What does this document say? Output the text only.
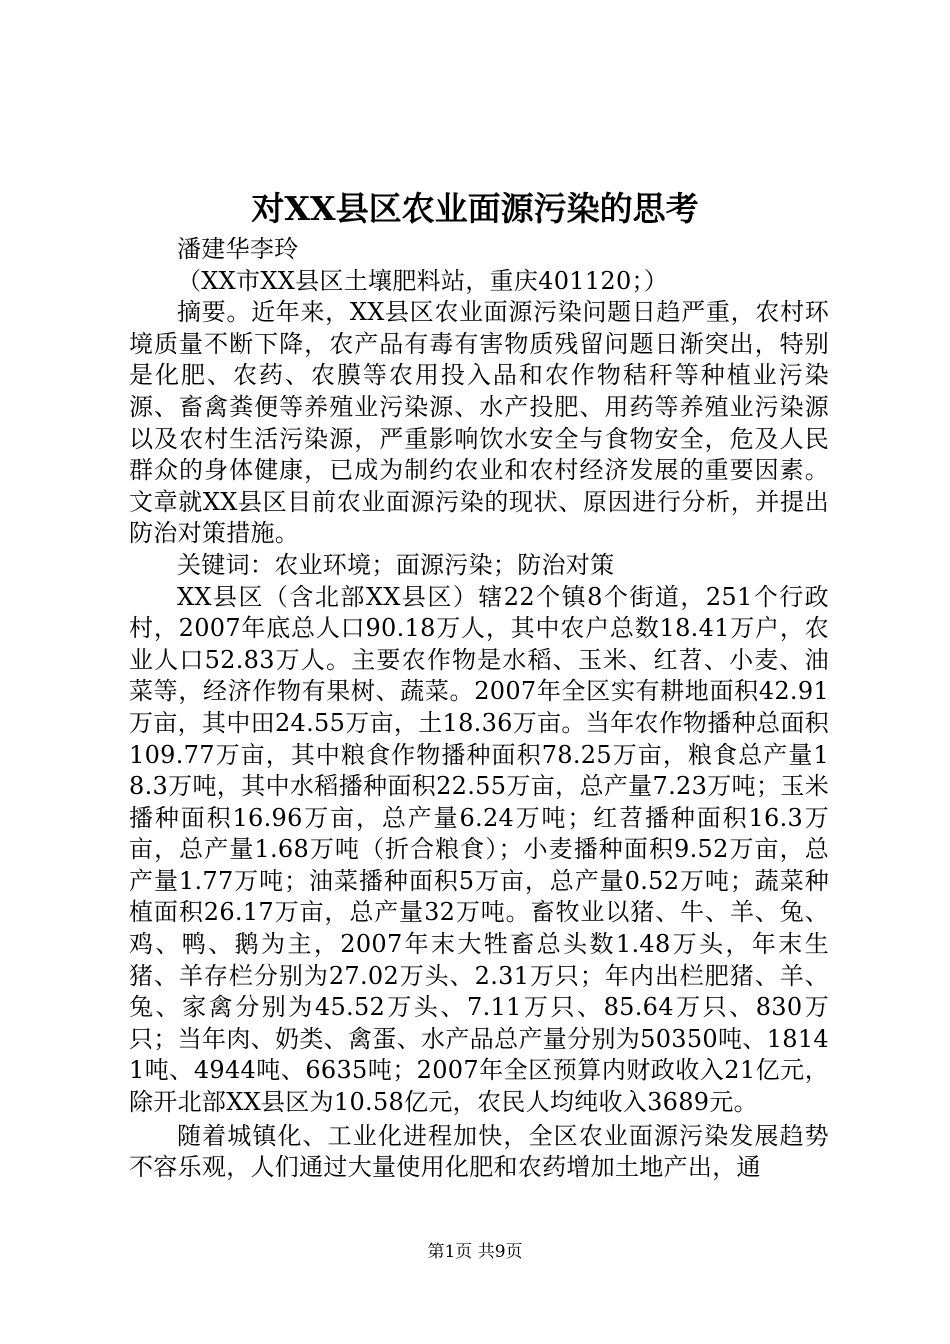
对XX县区农业面源污染的思考

潘建华李玲

（XX市XX县区土壤肥料站，重庆401120；）

摘要。近年来，XX县区农业面源污染问题日趋严重，农村环境质量不断下降，农产品有毒有害物质残留问题日渐突出，特别是化肥、农药、农膜等农用投入品和农作物秸秆等种植业污染源、畜禽粪便等养殖业污染源、水产投肥、用药等养殖业污染源以及农村生活污染源，严重影响饮水安全与食物安全，危及人民群众的身体健康，已成为制约农业和农村经济发展的重要因素。文章就XX县区目前农业面源污染的现状、原因进行分析，并提出防治对策措施。

关键词：农业环境；面源污染；防治对策

XX县区（含北部XX县区）辖22个镇8个街道，251个行政村，2007年底总人口90.18万人，其中农户总数18.41万户，农业人口52.83万人。主要农作物是水稻、玉米、红苕、小麦、油菜等，经济作物有果树、蔬菜。2007年全区实有耕地面积42.91万亩，其中田24.55万亩，土18.36万亩。当年农作物播种总面积109.77万亩，其中粮食作物播种面积78.25万亩，粮食总产量18.3万吨，其中水稻播种面积22.55万亩，总产量7.23万吨；玉米播种面积16.96万亩，总产量6.24万吨；红苕播种面积16.3万亩，总产量1.68万吨（折合粮食）；小麦播种面积9.52万亩，总产量1.77万吨；油菜播种面积5万亩，总产量0.52万吨；蔬菜种植面积26.17万亩，总产量32万吨。畜牧业以猪、牛、羊、兔、鸡、鸭、鹅为主，2007年末大牲畜总头数1.48万头，年末生猪、羊存栏分别为27.02万头、2.31万只；年内出栏肥猪、羊、兔、家禽分别为45.52万头、7.11万只、85.64万只、830万只；当年肉、奶类、禽蛋、水产品总产量分别为50350吨、18141吨、4944吨、6635吨；2007年全区预算内财政收入21亿元，除开北部XX县区为10.58亿元，农民人均纯收入3689元。

随着城镇化、工业化进程加快，全区农业面源污染发展趋势不容乐观，人们通过大量使用化肥和农药增加土地产出，通

第1页 共9页
